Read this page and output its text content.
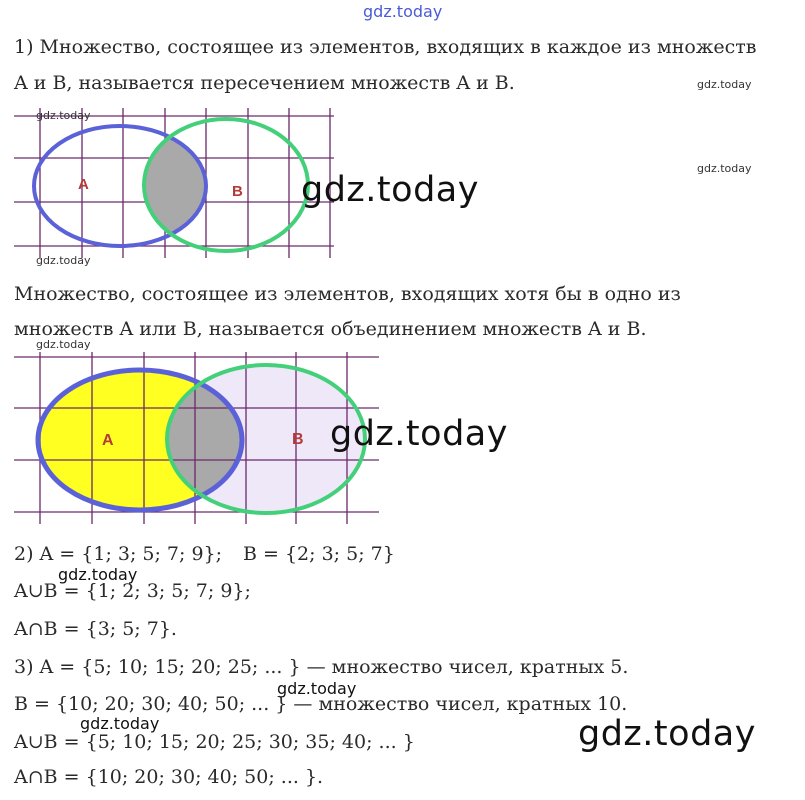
gdz.today
1) Множество, состоящее из элементов, входящих в каждое из множеств
A и B, называется пересечением множеств A и B.	gdz.today
A	B
gdz.today
gdz.today
gdz.today
gdz.today
Множество, состоящее из элементов, входящих хотя бы в одно из
множеств A или B, называется объединением множеств A и B.
gdz.today
A	B gdz.today
2) A = {1; 3; 5; 7; 9}; B = {2; 3; 5; 7}
gdz.today
A∪B = {1; 2; 3; 5; 7; 9};
A∩B = {3; 5; 7}.
3) A = {5; 10; 15; 20; 25; ... } — множество чисел, кратных 5.
gdz.today
B = {10; 20; 30; 40; 50; ... } — множество чисел, кратных 10.
gdz.today	gdz.today
A∪B = {5; 10; 15; 20; 25; 30; 35; 40; ... }
A∩B = {10; 20; 30; 40; 50; ... }.
